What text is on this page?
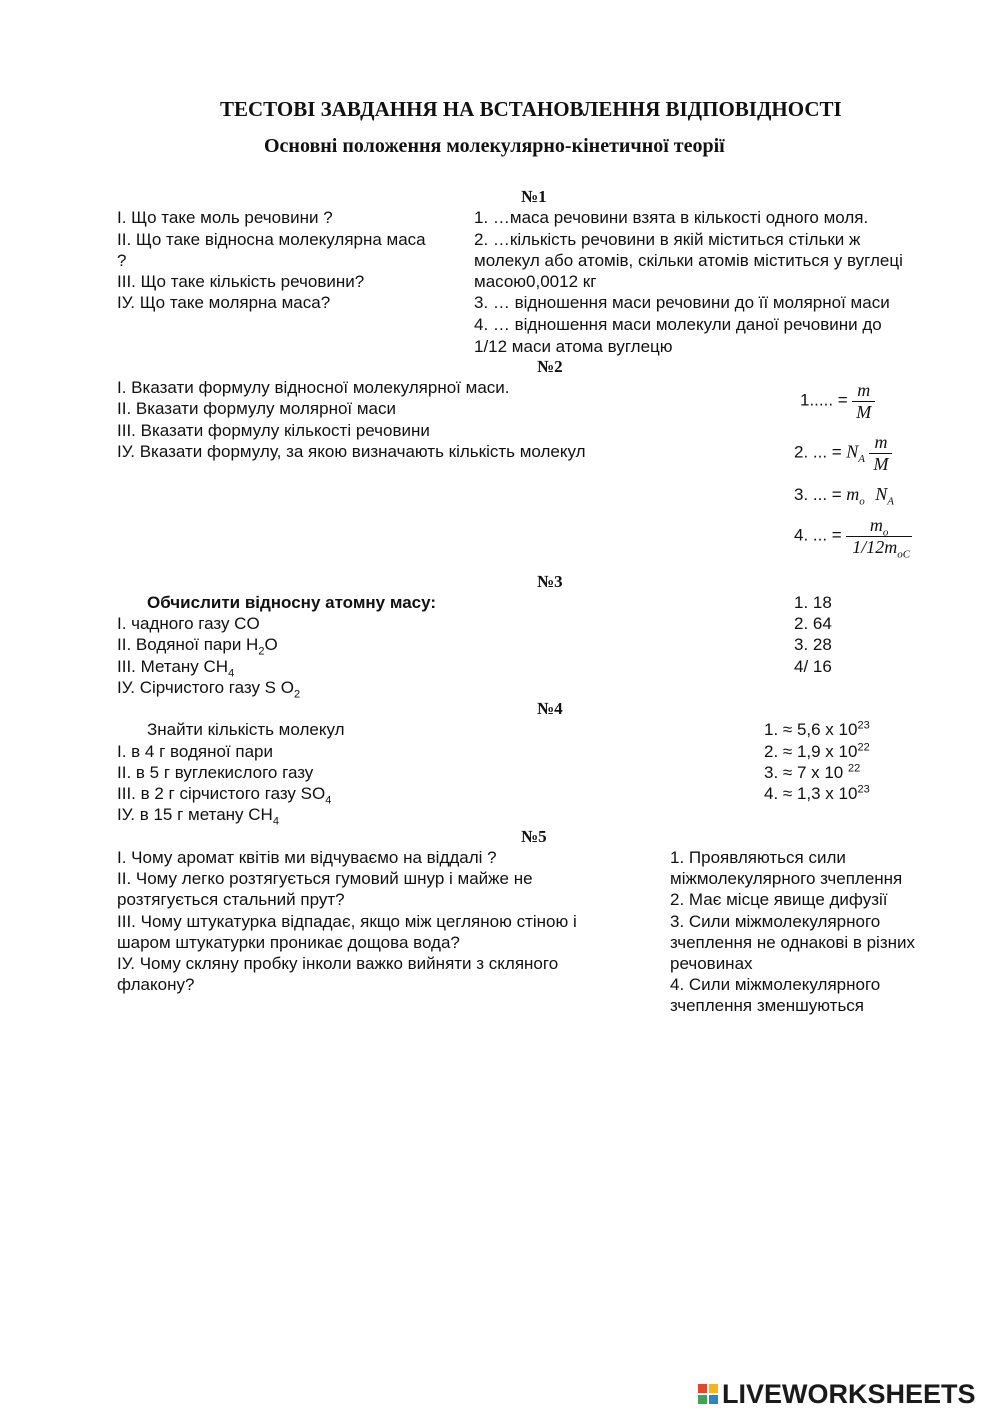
ТЕСТОВІ ЗАВДАННЯ НА ВСТАНОВЛЕННЯ ВІДПОВІДНОСТІ
Основні положення молекулярно-кінетичної теорії
№1
І. Що таке моль речовини ?
ІІ. Що таке відносна молекулярна маса
?
ІІІ. Що таке кількість речовини?
ІУ. Що таке молярна маса?
1. …маса речовини взята в кількості одного моля.
2. …кількість речовини в якій міститься стільки ж
молекул або атомів, скільки атомів міститься у вуглеці
масою0,0012 кг
3. … відношення маси речовини до її молярної маси
4. … відношення маси молекули даної речовини до
1/12 маси атома вуглецю
№2
І. Вказати формулу відносної молекулярної маси.
ІІ. Вказати формулу молярної маси
ІІІ. Вказати формулу кількості речовини
ІУ. Вказати формулу, за якою визначають кількість молекул
1..... = $\frac{m}{M}$
2. ... = $N_A \frac{m}{M}$
3. ... = $m_o$ $N_A$
4. ... = $\frac{m_o}{1/12m_{oC}}$
№3
Обчислити відносну атомну масу:
І. чадного газу CO
ІІ. Водяної пари $H_2O$
ІІІ. Метану $CH_4$
ІУ. Сірчистого газу S $O_2$
1. 18
2. 64
3. 28
4/ 16
№4
Знайти кількість молекул
І. в 4 г водяної пари
ІІ. в 5 г вуглекислого газу
ІІІ. в 2 г сірчистого газу $SO_4$
ІУ. в 15 г метану $CH_4$
1. ≈ 5,6 x $10^{23}$
2. ≈ 1,9 x $10^{22}$
3. ≈ 7 x 10 $^{22}$
4. ≈ 1,3 x $10^{23}$
№5
І. Чому аромат квітів ми відчуваємо на віддалі ?
ІІ. Чому легко розтягується гумовий шнур і майже не
розтягується стальний прут?
ІІІ. Чому штукатурка відпадає, якщо між цегляною стіною і
шаром штукатурки проникає дощова вода?
ІУ. Чому скляну пробку інколи важко вийняти з скляного
флакону?
1. Проявляються сили
міжмолекулярного зчеплення
2. Має місце явище дифузії
3. Сили міжмолекулярного
зчеплення не однакові в різних
речовинах
4. Сили міжмолекулярного
зчеплення зменшуються
LIVEWORKSHEETS
